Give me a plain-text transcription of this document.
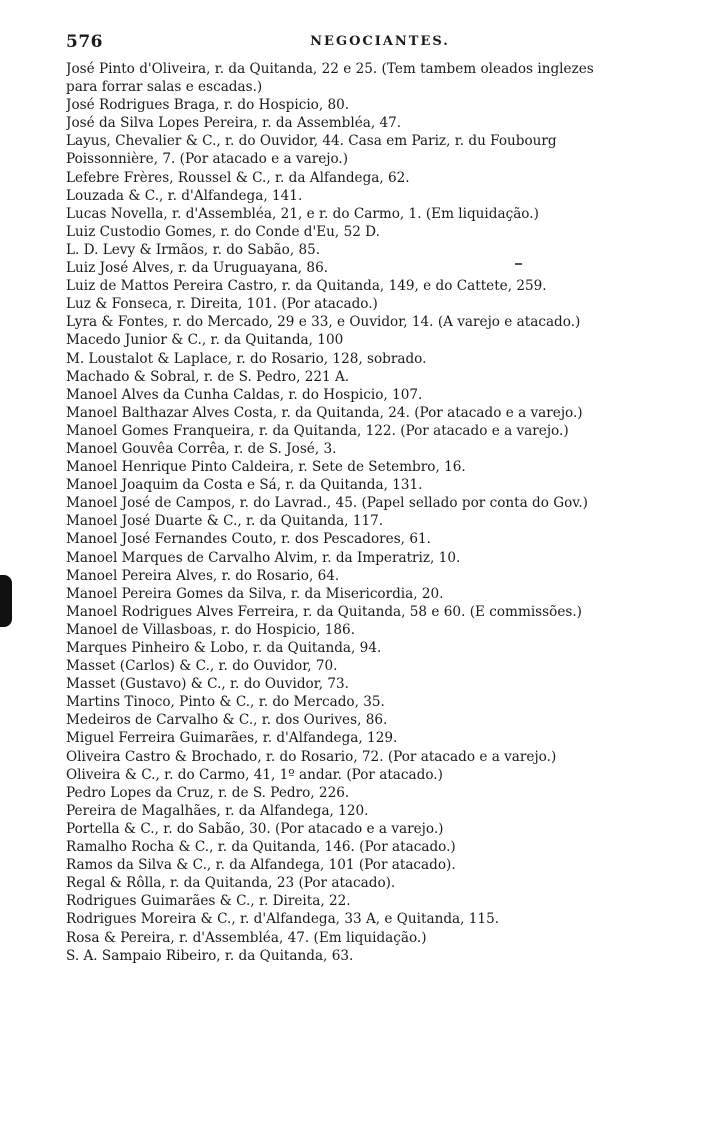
576	NEGOCIANTES.
José Pinto d'Oliveira, r. da Quitanda, 22 e 25. (Tem tambem oleados inglezes
para forrar salas e escadas.)
José Rodrigues Braga, r. do Hospicio, 80.
José da Silva Lopes Pereira, r. da Assembléa, 47.
Layus, Chevalier & C., r. do Ouvidor, 44. Casa em Pariz, r. du Foubourg
Poissonnière, 7. (Por atacado e a varejo.)
Lefebre Frères, Roussel & C., r. da Alfandega, 62.
Louzada & C., r. d'Alfandega, 141.
Lucas Novella, r. d'Assembléa, 21, e r. do Carmo, 1. (Em liquidação.)
Luiz Custodio Gomes, r. do Conde d'Eu, 52 D.
L. D. Levy & Irmãos, r. do Sabão, 85.
Luiz José Alves, r. da Uruguayana, 86.
Luiz de Mattos Pereira Castro, r. da Quitanda, 149, e do Cattete, 259.
Luz & Fonseca, r. Direita, 101. (Por atacado.)
Lyra & Fontes, r. do Mercado, 29 e 33, e Ouvidor, 14. (A varejo e atacado.)
Macedo Junior & C., r. da Quitanda, 100
M. Loustalot & Laplace, r. do Rosario, 128, sobrado.
Machado & Sobral, r. de S. Pedro, 221 A.
Manoel Alves da Cunha Caldas, r. do Hospicio, 107.
Manoel Balthazar Alves Costa, r. da Quitanda, 24. (Por atacado e a varejo.)
Manoel Gomes Franqueira, r. da Quitanda, 122. (Por atacado e a varejo.)
Manoel Gouvêa Corrêa, r. de S. José, 3.
Manoel Henrique Pinto Caldeira, r. Sete de Setembro, 16.
Manoel Joaquim da Costa e Sá, r. da Quitanda, 131.
Manoel José de Campos, r. do Lavrad., 45. (Papel sellado por conta do Gov.)
Manoel José Duarte & C., r. da Quitanda, 117.
Manoel José Fernandes Couto, r. dos Pescadores, 61.
Manoel Marques de Carvalho Alvim, r. da Imperatriz, 10.
Manoel Pereira Alves, r. do Rosario, 64.
Manoel Pereira Gomes da Silva, r. da Misericordia, 20.
Manoel Rodrigues Alves Ferreira, r. da Quitanda, 58 e 60. (E commissões.)
Manoel de Villasboas, r. do Hospicio, 186.
Marques Pinheiro & Lobo, r. da Quitanda, 94.
Masset (Carlos) & C., r. do Ouvidor, 70.
Masset (Gustavo) & C., r. do Ouvidor, 73.
Martins Tinoco, Pinto & C., r. do Mercado, 35.
Medeiros de Carvalho & C., r. dos Ourives, 86.
Miguel Ferreira Guimarães, r. d'Alfandega, 129.
Oliveira Castro & Brochado, r. do Rosario, 72. (Por atacado e a varejo.)
Oliveira & C., r. do Carmo, 41, 1º andar. (Por atacado.)
Pedro Lopes da Cruz, r. de S. Pedro, 226.
Pereira de Magalhães, r. da Alfandega, 120.
Portella & C., r. do Sabão, 30. (Por atacado e a varejo.)
Ramalho Rocha & C., r. da Quitanda, 146. (Por atacado.)
Ramos da Silva & C., r. da Alfandega, 101 (Por atacado).
Regal & Rôlla, r. da Quitanda, 23 (Por atacado).
Rodrigues Guimarães & C., r. Direita, 22.
Rodrigues Moreira & C., r. d'Alfandega, 33 A, e Quitanda, 115.
Rosa & Pereira, r. d'Assembléa, 47. (Em liquidação.)
S. A. Sampaio Ribeiro, r. da Quitanda, 63.
